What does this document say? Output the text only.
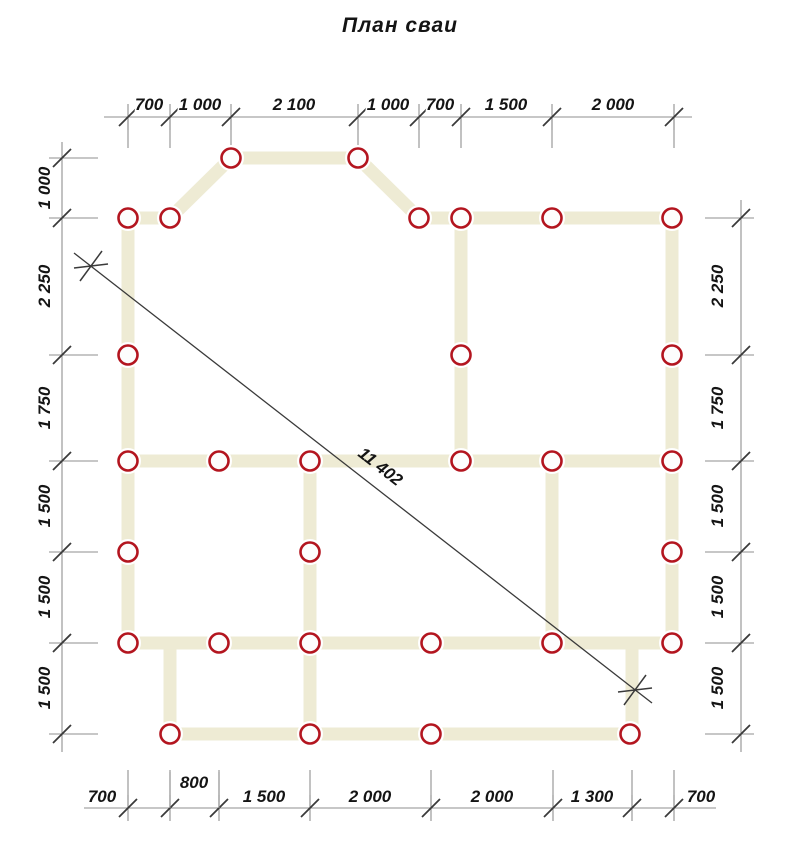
План сваи
700 1 000	2 100	1 000 700 1 500	2 000
700
800
1 500	2 000	2 000	1 300	700
1 000
2 250
1 750
1 500
1 500
1 500
2 250
1 750
1 500
1 500
1 500
11 402
